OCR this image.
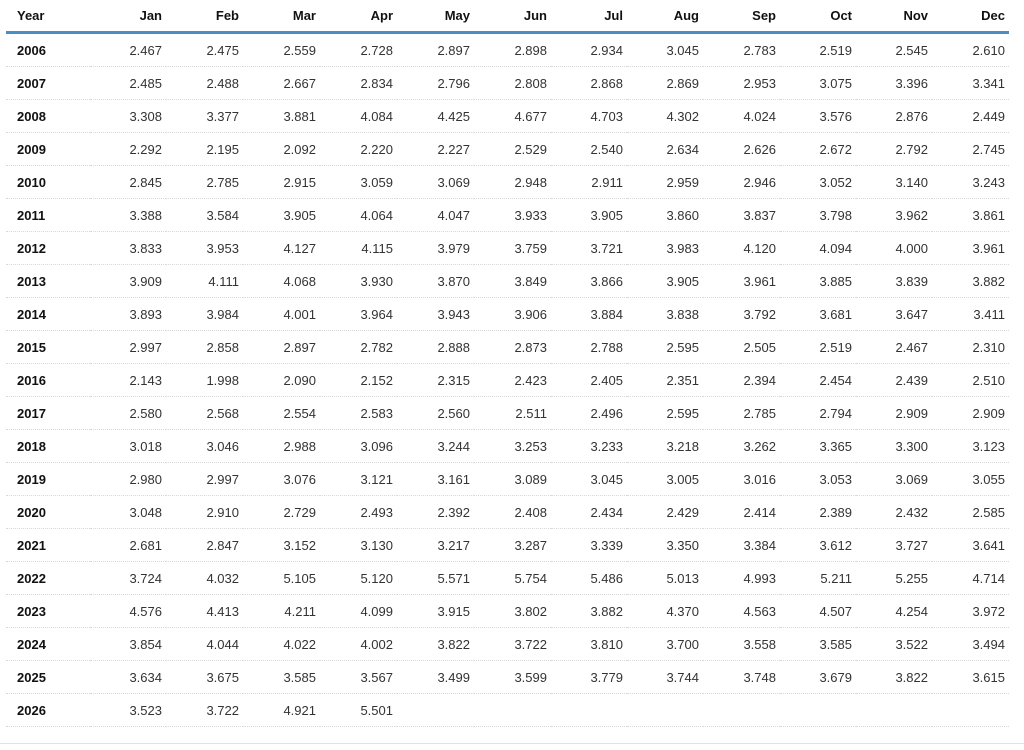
Year	Jan	Feb	Mar	Apr	May	Jun	Jul	Aug	Sep	Oct	Nov	Dec
2006	2.467	2.475	2.559	2.728	2.897	2.898	2.934	3.045	2.783	2.519	2.545	2.610
2007	2.485	2.488	2.667	2.834	2.796	2.808	2.868	2.869	2.953	3.075	3.396	3.341
2008	3.308	3.377	3.881	4.084	4.425	4.677	4.703	4.302	4.024	3.576	2.876	2.449
2009	2.292	2.195	2.092	2.220	2.227	2.529	2.540	2.634	2.626	2.672	2.792	2.745
2010	2.845	2.785	2.915	3.059	3.069	2.948	2.911	2.959	2.946	3.052	3.140	3.243
2011	3.388	3.584	3.905	4.064	4.047	3.933	3.905	3.860	3.837	3.798	3.962	3.861
2012	3.833	3.953	4.127	4.115	3.979	3.759	3.721	3.983	4.120	4.094	4.000	3.961
2013	3.909	4.111	4.068	3.930	3.870	3.849	3.866	3.905	3.961	3.885	3.839	3.882
2014	3.893	3.984	4.001	3.964	3.943	3.906	3.884	3.838	3.792	3.681	3.647	3.411
2015	2.997	2.858	2.897	2.782	2.888	2.873	2.788	2.595	2.505	2.519	2.467	2.310
2016	2.143	1.998	2.090	2.152	2.315	2.423	2.405	2.351	2.394	2.454	2.439	2.510
2017	2.580	2.568	2.554	2.583	2.560	2.511	2.496	2.595	2.785	2.794	2.909	2.909
2018	3.018	3.046	2.988	3.096	3.244	3.253	3.233	3.218	3.262	3.365	3.300	3.123
2019	2.980	2.997	3.076	3.121	3.161	3.089	3.045	3.005	3.016	3.053	3.069	3.055
2020	3.048	2.910	2.729	2.493	2.392	2.408	2.434	2.429	2.414	2.389	2.432	2.585
2021	2.681	2.847	3.152	3.130	3.217	3.287	3.339	3.350	3.384	3.612	3.727	3.641
2022	3.724	4.032	5.105	5.120	5.571	5.754	5.486	5.013	4.993	5.211	5.255	4.714
2023	4.576	4.413	4.211	4.099	3.915	3.802	3.882	4.370	4.563	4.507	4.254	3.972
2024	3.854	4.044	4.022	4.002	3.822	3.722	3.810	3.700	3.558	3.585	3.522	3.494
2025	3.634	3.675	3.585	3.567	3.499	3.599	3.779	3.744	3.748	3.679	3.822	3.615
2026	3.523	3.722	4.921	5.501								
